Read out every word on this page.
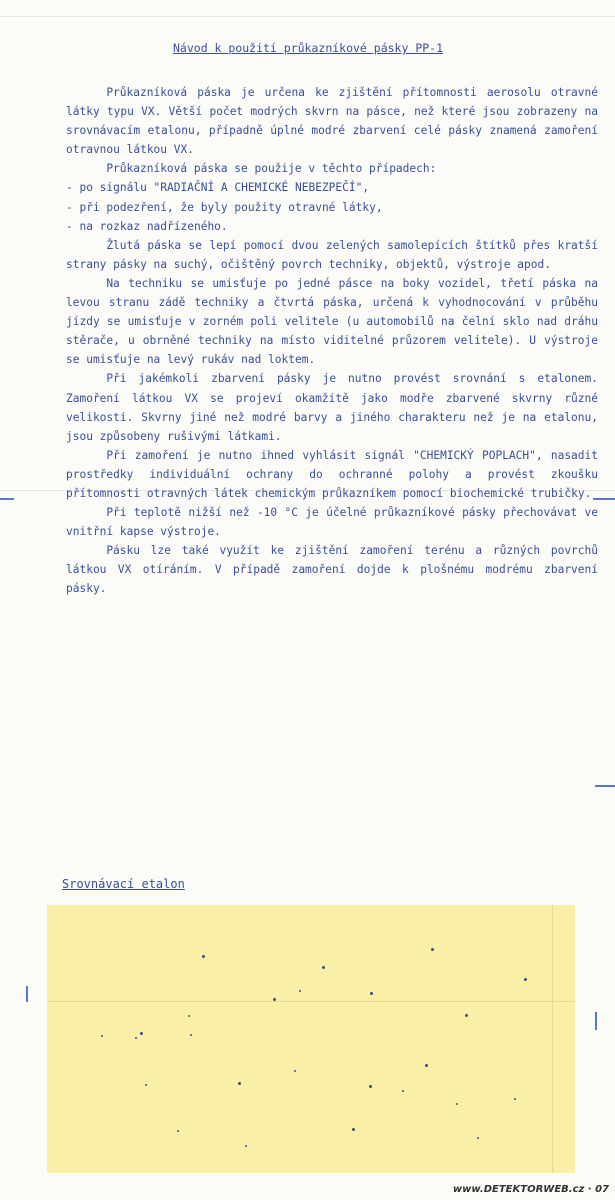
Návod k použití průkazníkové pásky PP-1

Průkazníková páska je určena ke zjištění přítomnosti aerosolu otravné látky typu VX. Větší počet modrých skvrn na pásce, než které jsou zobrazeny na srovnávacím etalonu, případně úplné modré zbarvení celé pásky znamená zamoření otravnou látkou VX.

Průkazníková páska se použije v těchto případech:

- po signálu "RADIAČNÍ A CHEMICKÉ NEBEZPEČÍ",

- při podezření, že byly použity otravné látky,

- na rozkaz nadřízeného.

Žlutá páska se lepí pomocí dvou zelených samolepících štítků přes kratší strany pásky na suchý, očištěný povrch techniky, objektů, výstroje apod.

Na techniku se umisťuje po jedné pásce na boky vozidel, třetí páska na levou stranu zádě techniky a čtvrtá páska, určená k vyhodnocování v průběhu jízdy se umisťuje v zorném poli velitele (u automobilů na čelní sklo nad dráhu stěrače, u obrněné techniky na místo viditelné průzorem velitele). U výstroje se umisťuje na levý rukáv nad loktem.

Při jakémkoli zbarvení pásky je nutno provést srovnání s etalonem. Zamoření látkou VX se projeví okamžitě jako modře zbarvené skvrny různé velikosti. Skvrny jiné než modré barvy a jiného charakteru než je na etalonu, jsou způsobeny rušivými látkami.

Při zamoření je nutno ihned vyhlásit signál "CHEMICKÝ POPLACH", nasadit prostředky individuální ochrany do ochranné polohy a provést zkoušku přítomnosti otravných látek chemickým průkazníkem pomocí biochemické trubičky.

Při teplotě nižší než -10 °C je účelné průkazníkové pásky přechovávat ve vnitřní kapse výstroje.

Pásku lze také využít ke zjištění zamoření terénu a různých povrchů látkou VX otíráním. V případě zamoření dojde k plošnému modrému zbarvení pásky.

Srovnávací etalon
www.DETEKTORWEB.cz · 07
